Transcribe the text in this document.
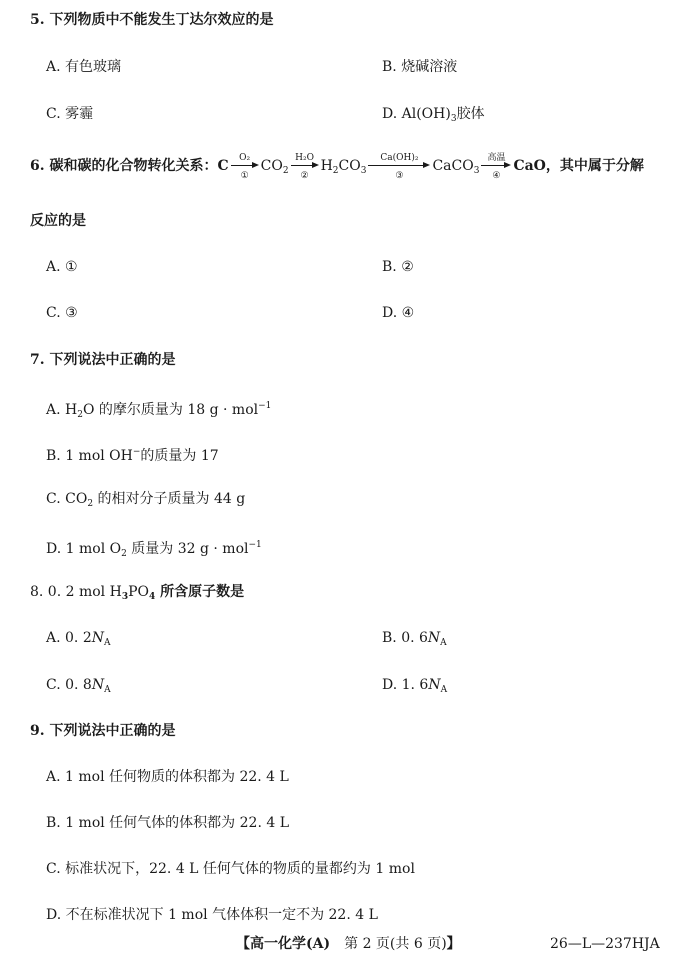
5. 下列物质中不能发生丁达尔效应的是
A. 有色玻璃	B. 烧碱溶液
C. 雾霾	D. $Al(OH)_3$胶体
6. 碳和碳的化合物转化关系：C	O₂
①
$CO_2$
H₂O
②
$H_2CO_3$
Ca(OH)₂
③
CaCO$_3$
高温
④
CaO，其中属于分解
反应的是
A. ①	B. ②
C. ③	D. ④
7. 下列说法中正确的是
A. $H_2O$ 的摩尔质量为 18 g · mol$^{-1}$
B. 1 mol OH−的质量为 17
C. $CO_2$ 的相对分子质量为 44 g
D. 1 mol $O_2$ 质量为 32 g · mol$^{-1}$
8. 0. 2 mol $H_3PO_4$ 所含原子数是
A. 0. $2N_A$	B. 0. $6N_A$
C. 0. $8N_A$	D. 1. $6N_A$
9. 下列说法中正确的是
A. 1 mol 任何物质的体积都为 22. 4 L
B. 1 mol 任何气体的体积都为 22. 4 L
C. 标准状况下，22. 4 L 任何气体的物质的量都约为 1 mol
D. 不在标准状况下 1 mol 气体体积一定不为 22. 4 L
【高一化学(A)　 第 2 页(共 6 页)】	26—L—237HJA
